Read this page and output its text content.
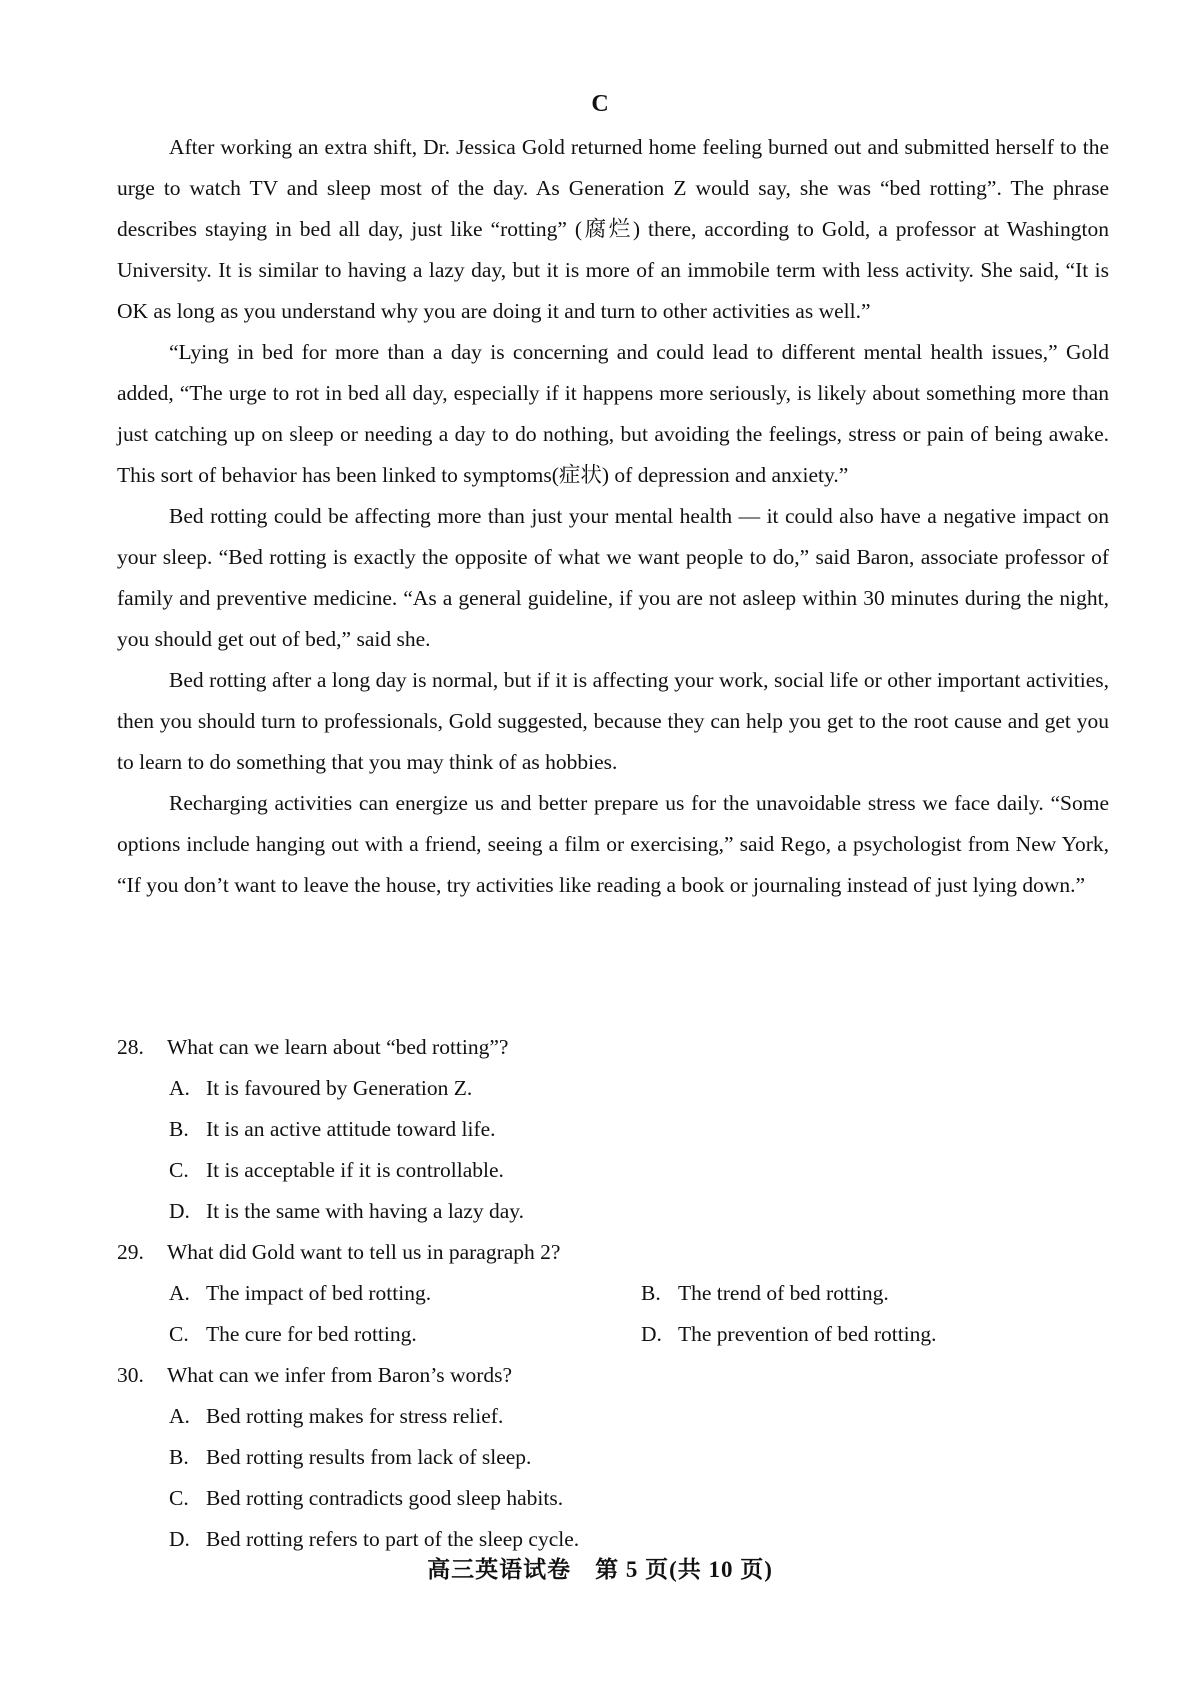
C

After working an extra shift, Dr. Jessica Gold returned home feeling burned out and submitted herself to the urge to watch TV and sleep most of the day. As Generation Z would say, she was “bed rotting”. The phrase describes staying in bed all day, just like “rotting” (腐烂) there, according to Gold, a professor at Washington University. It is similar to having a lazy day, but it is more of an immobile term with less activity. She said, “It is OK as long as you understand why you are doing it and turn to other activities as well.”

“Lying in bed for more than a day is concerning and could lead to different mental health issues,” Gold added, “The urge to rot in bed all day, especially if it happens more seriously, is likely about something more than just catching up on sleep or needing a day to do nothing, but avoiding the feelings, stress or pain of being awake. This sort of behavior has been linked to symptoms(症状) of depression and anxiety.”

Bed rotting could be affecting more than just your mental health — it could also have a negative impact on your sleep. “Bed rotting is exactly the opposite of what we want people to do,” said Baron, associate professor of family and preventive medicine. “As a general guideline, if you are not asleep within 30 minutes during the night, you should get out of bed,” said she.

Bed rotting after a long day is normal, but if it is affecting your work, social life or other important activities, then you should turn to professionals, Gold suggested, because they can help you get to the root cause and get you to learn to do something that you may think of as hobbies.

Recharging activities can energize us and better prepare us for the unavoidable stress we face daily. “Some options include hanging out with a friend, seeing a film or exercising,” said Rego, a psychologist from New York, “If you don’t want to leave the house, try activities like reading a book or journaling instead of just lying down.”

28.	What can we learn about “bed rotting”?
A. It is favoured by Generation Z.
B. It is an active attitude toward life.
C. It is acceptable if it is controllable.
D. It is the same with having a lazy day.
29.	What did Gold want to tell us in paragraph 2?
A. The impact of bed rotting.	B. The trend of bed rotting.
C. The cure for bed rotting.	D. The prevention of bed rotting.
30.	What can we infer from Baron’s words?
A. Bed rotting makes for stress relief.
B. Bed rotting results from lack of sleep.
C. Bed rotting contradicts good sleep habits.
D. Bed rotting refers to part of the sleep cycle.
高三英语试卷　第 5 页(共 10 页)
